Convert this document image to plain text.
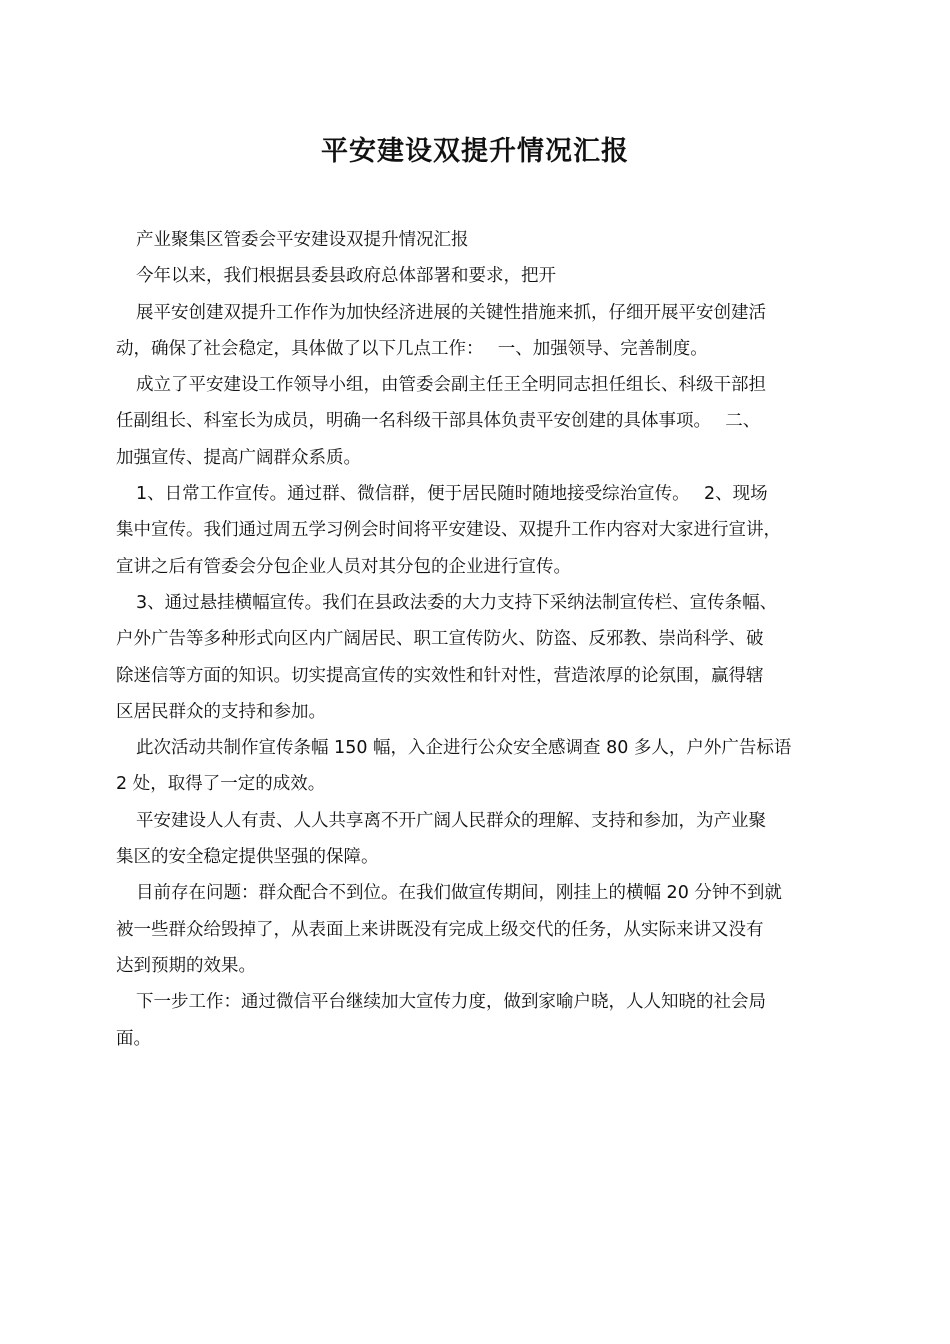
平安建设双提升情况汇报
产业聚集区管委会平安建设双提升情况汇报
今年以来，我们根据县委县政府总体部署和要求，把开
展平安创建双提升工作作为加快经济进展的关键性措施来抓，仔细开展平安创建活
动，确保了社会稳定，具体做了以下几点工作：　 一、加强领导、完善制度。
成立了平安建设工作领导小组，由管委会副主任王全明同志担任组长、科级干部担
任副组长、科室长为成员，明确一名科级干部具体负责平安创建的具体事项。　 二、
加强宣传、提高广阔群众系质。
1、日常工作宣传。通过群、微信群，便于居民随时随地接受综治宣传。　 2、现场
集中宣传。我们通过周五学习例会时间将平安建设、双提升工作内容对大家进行宣讲，
宣讲之后有管委会分包企业人员对其分包的企业进行宣传。
3、通过悬挂横幅宣传。我们在县政法委的大力支持下采纳法制宣传栏、宣传条幅、
户外广告等多种形式向区内广阔居民、职工宣传防火、防盗、反邪教、崇尚科学、破
除迷信等方面的知识。切实提高宣传的实效性和针对性，营造浓厚的论氛围，赢得辖
区居民群众的支持和参加。
此次活动共制作宣传条幅 150 幅，入企进行公众安全感调查 80 多人，户外广告标语
2 处，取得了一定的成效。
平安建设人人有责、人人共享离不开广阔人民群众的理解、支持和参加，为产业聚
集区的安全稳定提供坚强的保障。
目前存在问题：群众配合不到位。在我们做宣传期间，刚挂上的横幅 20 分钟不到就
被一些群众给毁掉了，从表面上来讲既没有完成上级交代的任务，从实际来讲又没有
达到预期的效果。
下一步工作：通过微信平台继续加大宣传力度，做到家喻户晓，人人知晓的社会局
面。
